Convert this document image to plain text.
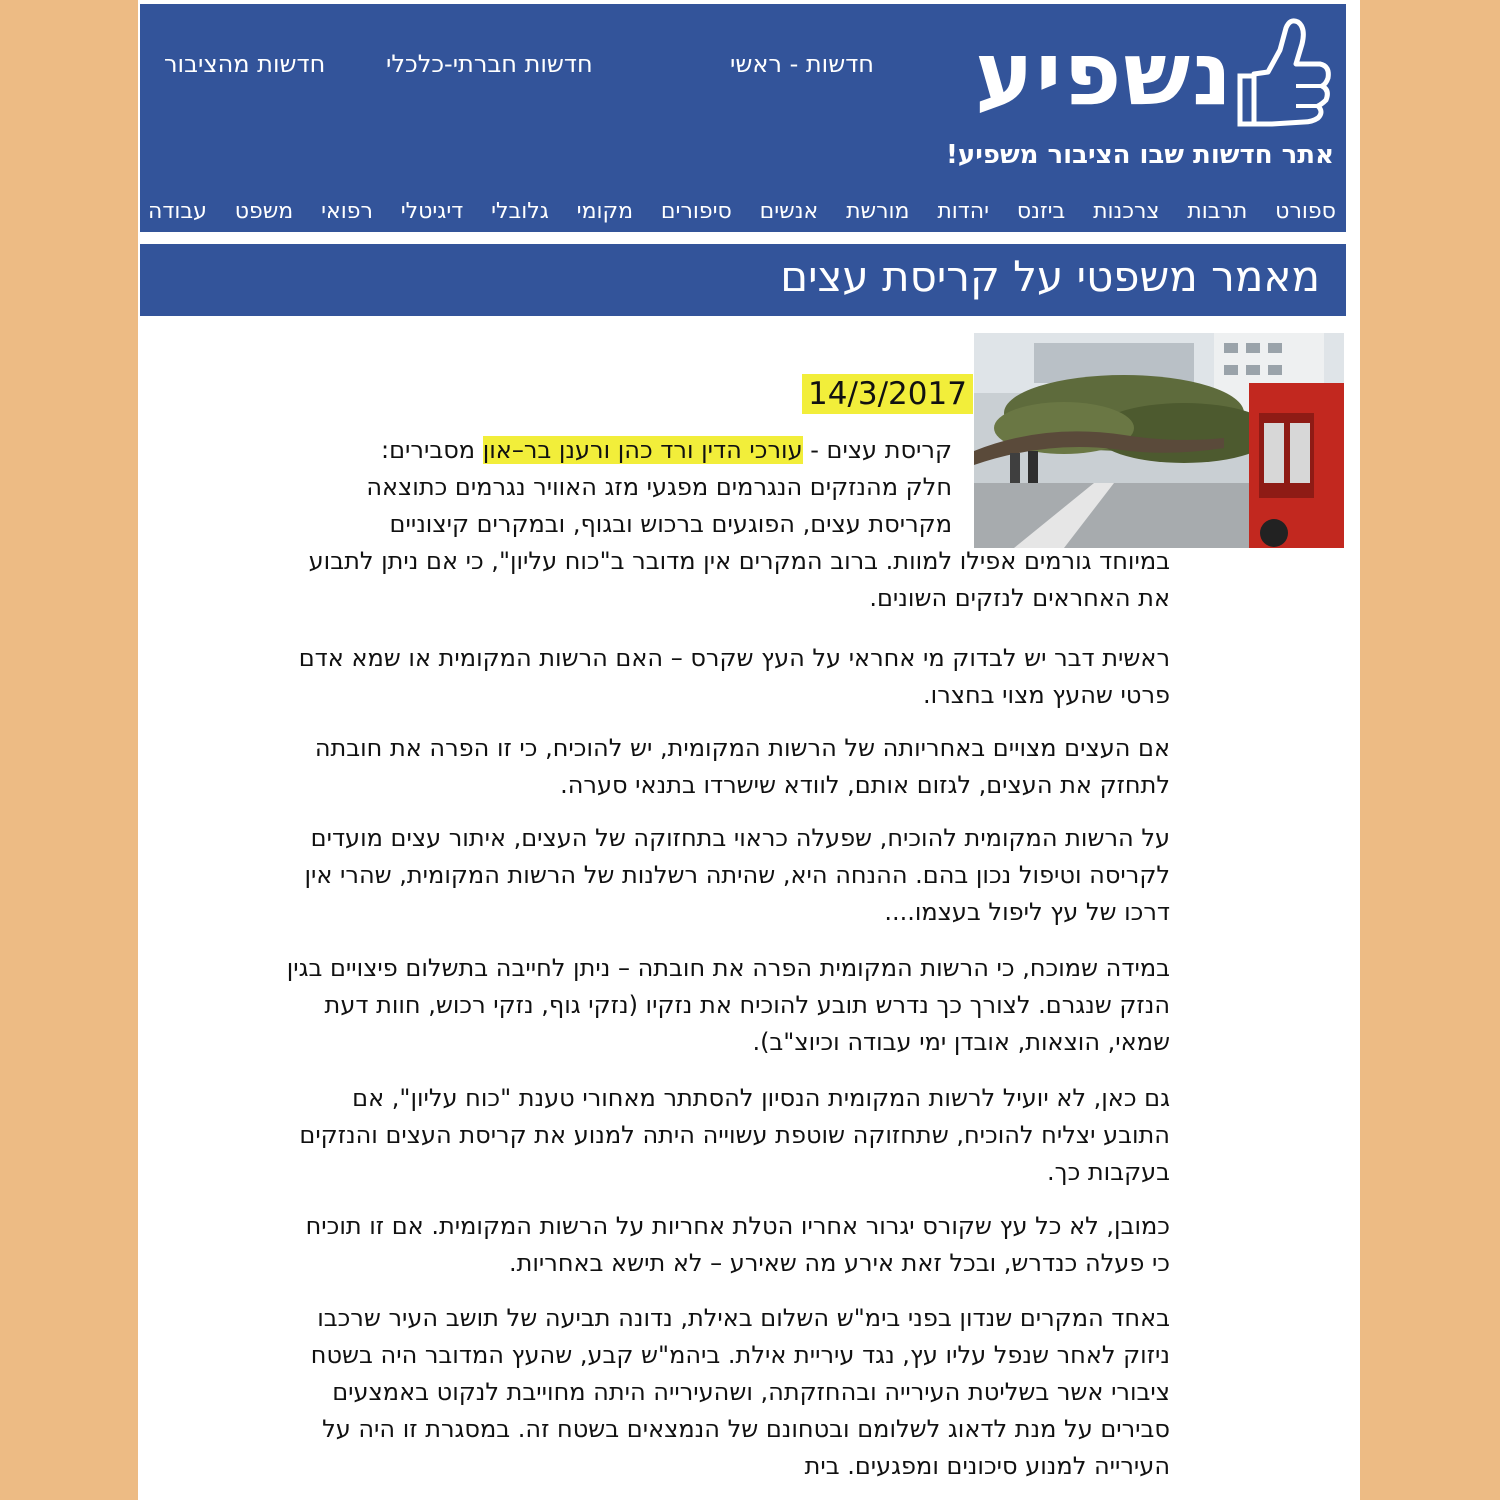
נשפיע
אתר חדשות שבו הציבור משפיע!
חדשות - ראשי
חדשות חברתי-כלכלי
חדשות מהציבור
ספורט
תרבות
צרכנות
ביזנס
יהדות
מורשת
אנשים
סיפורים
מקומי
גלובלי
דיגיטלי
רפואי
משפט
עבודה
מאמר משפטי על קריסת עצים
14/3/2017

קריסת עצים - עורכי הדין ורד כהן ורענן בר–און מסבירים:

חלק מהנזקים הנגרמים מפגעי מזג האוויר נגרמים כתוצאה

מקריסת עצים, הפוגעים ברכוש ובגוף, ובמקרים קיצוניים

במיוחד גורמים אפילו למוות. ברוב המקרים אין מדובר ב"כוח עליון", כי אם ניתן לתבוע את האחראים לנזקים השונים.

ראשית דבר יש לבדוק מי אחראי על העץ שקרס – האם הרשות המקומית או שמא אדם פרטי שהעץ מצוי בחצרו.

אם העצים מצויים באחריותה של הרשות המקומית, יש להוכיח, כי זו הפרה את חובתה לתחזק את העצים, לגזום אותם, לוודא שישרדו בתנאי סערה.

על הרשות המקומית להוכיח, שפעלה כראוי בתחזוקה של העצים, איתור עצים מועדים לקריסה וטיפול נכון בהם. ההנחה היא, שהיתה רשלנות של הרשות המקומית, שהרי אין דרכו של עץ ליפול בעצמו....

במידה שמוכח, כי הרשות המקומית הפרה את חובתה – ניתן לחייבה בתשלום פיצויים בגין הנזק שנגרם. לצורך כך נדרש תובע להוכיח את נזקיו (נזקי גוף, נזקי רכוש, חוות דעת שמאי, הוצאות, אובדן ימי עבודה וכיוצ"ב).

גם כאן, לא יועיל לרשות המקומית הנסיון להסתתר מאחורי טענת "כוח עליון", אם התובע יצליח להוכיח, שתחזוקה שוטפת עשוייה היתה למנוע את קריסת העצים והנזקים בעקבות כך.

כמובן, לא כל עץ שקורס יגרור אחריו הטלת אחריות על הרשות המקומית. אם זו תוכיח כי פעלה כנדרש, ובכל זאת אירע מה שאירע – לא תישא באחריות.

באחד המקרים שנדון בפני בימ"ש השלום באילת, נדונה תביעה של תושב העיר שרכבו ניזוק לאחר שנפל עליו עץ, נגד עיריית אילת. ביהמ"ש קבע, שהעץ המדובר היה בשטח ציבורי אשר בשליטת העירייה ובהחזקתה, ושהעירייה היתה מחוייבת לנקוט באמצעים סבירים על מנת לדאוג לשלומם ובטחונם של הנמצאים בשטח זה. במסגרת זו היה על העירייה למנוע סיכונים ומפגעים. בית
